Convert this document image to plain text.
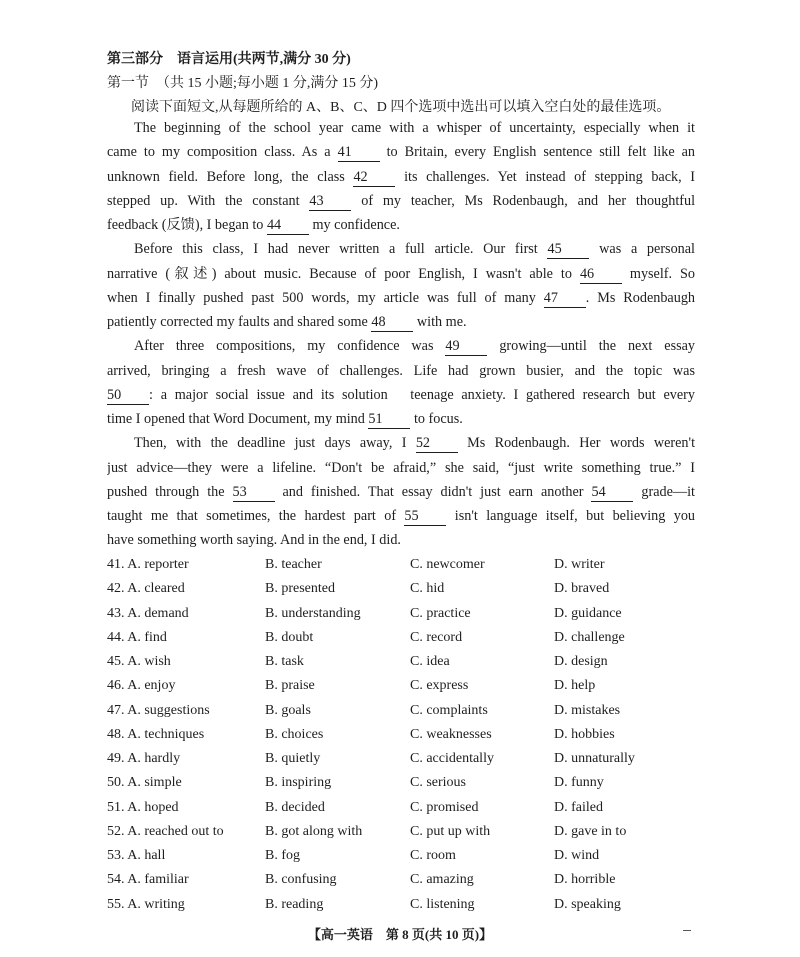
第三部分　语言运用(共两节,满分 30 分)
第一节　（共 15 小题;每小题 1 分,满分 15 分)
阅读下面短文,从每题所给的 A、B、C、D 四个选项中选出可以填入空白处的最佳选项。
The beginning of the school year came with a whisper of uncertainty, especially when it
came to my composition class. As a 41 to Britain, every English sentence still felt like an
unknown field. Before long, the class 42	its challenges. Yet instead of stepping back, I
stepped up. With the constant 43	of my teacher, Ms Rodenbaugh, and her thoughtful
feedback (反馈), I began to 44 my confidence.
Before this class, I had never written a full article. Our first 45	was a personal
narrative (叙述) about music. Because of poor English, I wasn't able to 46	myself. So
when I finally pushed past 500 words, my article was full of many 47 . Ms Rodenbaugh
patiently corrected my faults and shared some 48 with me.
After three compositions, my confidence was 49	growing—until the next essay
arrived, bringing a fresh wave of challenges. Life had grown busier, and the topic was
50 : a major social issue and its solution　teenage anxiety. I gathered research but every
time I opened that Word Document, my mind 51 to focus.
Then, with the deadline just days away, I 52	Ms Rodenbaugh. Her words weren't
just advice—they were a lifeline. “Don't be afraid,” she said, “just write something true.” I
pushed through the 53	and finished. That essay didn't just earn another 54	grade—it
taught me that sometimes, the hardest part of 55	isn't language itself, but believing you
have something worth saying. And in the end, I did.
41. A. reporter	B. teacher	C. newcomer	D. writer
42. A. cleared	B. presented	C. hid	D. braved
43. A. demand	B. understanding	C. practice	D. guidance
44. A. find	B. doubt	C. record	D. challenge
45. A. wish	B. task	C. idea	D. design
46. A. enjoy	B. praise	C. express	D. help
47. A. suggestions	B. goals	C. complaints	D. mistakes
48. A. techniques	B. choices	C. weaknesses	D. hobbies
49. A. hardly	B. quietly	C. accidentally	D. unnaturally
50. A. simple	B. inspiring	C. serious	D. funny
51. A. hoped	B. decided	C. promised	D. failed
52. A. reached out to	B. got along with	C. put up with	D. gave in to
53. A. hall	B. fog	C. room	D. wind
54. A. familiar	B. confusing	C. amazing	D. horrible
55. A. writing	B. reading	C. listening	D. speaking
【高一英语　第 8 页(共 10 页)】
